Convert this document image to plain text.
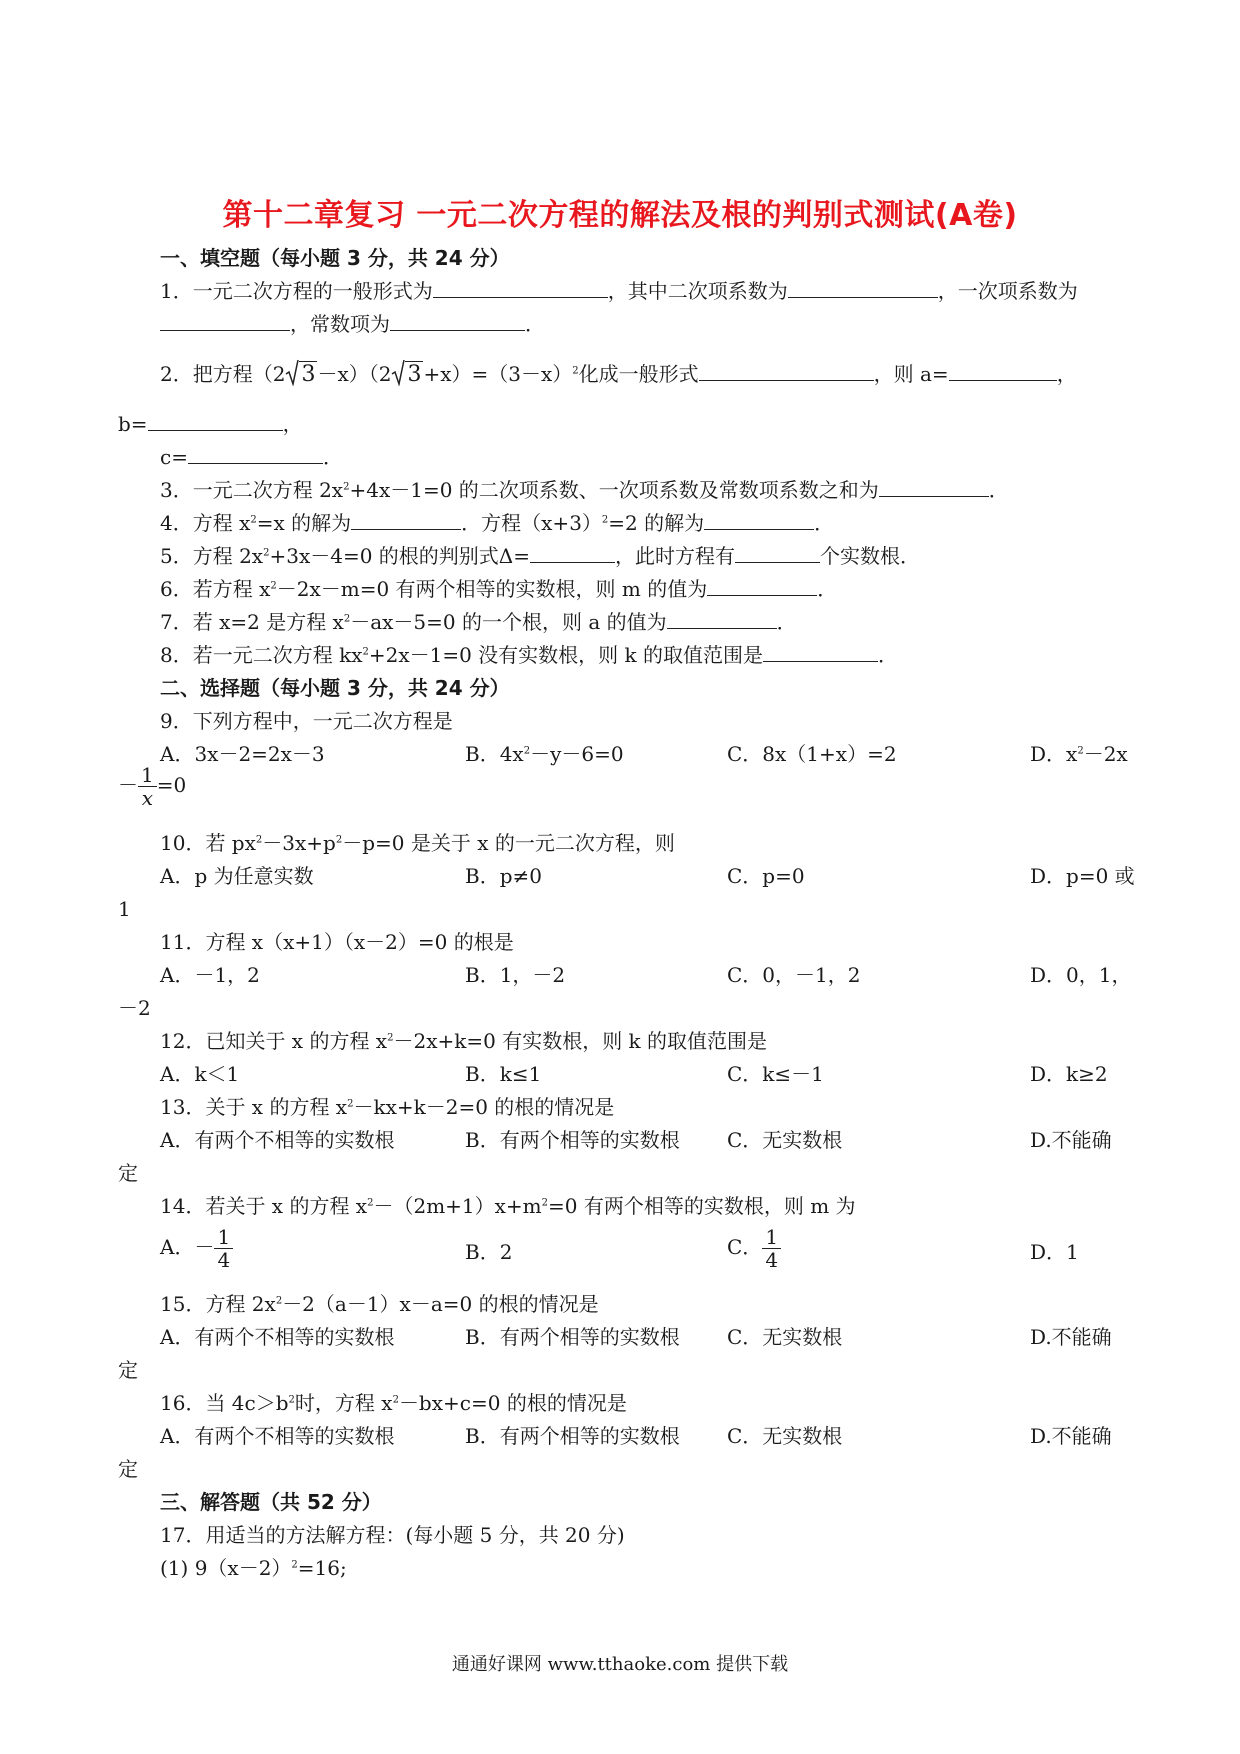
第十二章复习 一元二次方程的解法及根的判别式测试(A卷)
一、填空题（每小题 3 分，共 24 分）
1．一元二次方程的一般形式为	，其中二次项系数为	，一次项系数为
，常数项为	．
2．把方程（2 3 －x）（2 $3 +x)=(3-x)^2$化成一般形式	，则 a=	，
b=	，
c=	．
3．一元二次方程 $2x^2+4x-1=0$ 的二次项系数、一次项系数及常数项系数之和为	．
4．方程 $x^2=x$ 的解为	．方程$(x+3)^2=2$ 的解为	．
5．方程 $2x^2+3x-4=0$ 的根的判别式Δ=	，此时方程有	个实数根．
6．若方程 $x^2-2x-m=0$ 有两个相等的实数根，则 m 的值为	．
7．若 x=2 是方程 $x^2-ax-5=0$ 的一个根，则 a 的值为	．
8．若一元二次方程 $kx^2+2x-1=0$ 没有实数根，则 k 的取值范围是	．
二、选择题（每小题 3 分，共 24 分）
9．下列方程中，一元二次方程是
A．3x－2=2x－3	B．$4x^2-y-6=0$	C．8x（1+x）=2	D．$x^2-2x$
－ $\frac{1}{x} =0$
10．若 $px^2-3x+p^2-p=0$ 是关于 x 的一元二次方程，则
A．p 为任意实数	B．p≠0	C．p=0	D．p=0 或
1
11．方程 x（x+1）（x－2）=0 的根是
A．－1，2	B．1，－2	C．0，－1，2	D．0，1，
－2
12．已知关于 x 的方程 $x^2-2x+k=0$ 有实数根，则 k 的取值范围是
A．k＜1	B．k≤1	C．k≤－1	D．k≥2
13．关于 x 的方程 $x^2-kx+k-2=0$ 的根的情况是
A．有两个不相等的实数根	B．有两个相等的实数根 C．无实数根	D.不能确
定
14．若关于 x 的方程 $x^2-(2m+1)x+m^2=0$ 有两个相等的实数根，则 m 为
A．－ $\frac{1}{4}$	B．2	C． $\frac{1}{4}$	D．1
15．方程 $2x^2-2(a-1)x-a=0$ 的根的情况是
A．有两个不相等的实数根	B．有两个相等的实数根 C．无实数根	D.不能确
定
16．当 $4c>b^2$时，方程 $x^2-bx+c=0$ 的根的情况是
A．有两个不相等的实数根	B．有两个相等的实数根 C．无实数根	D.不能确
定
三、解答题（共 52 分）
17．用适当的方法解方程：(每小题 5 分，共 20 分)
(1) $9(x-2)^2=16$;
通通好课网 www.tthaoke.com 提供下载
